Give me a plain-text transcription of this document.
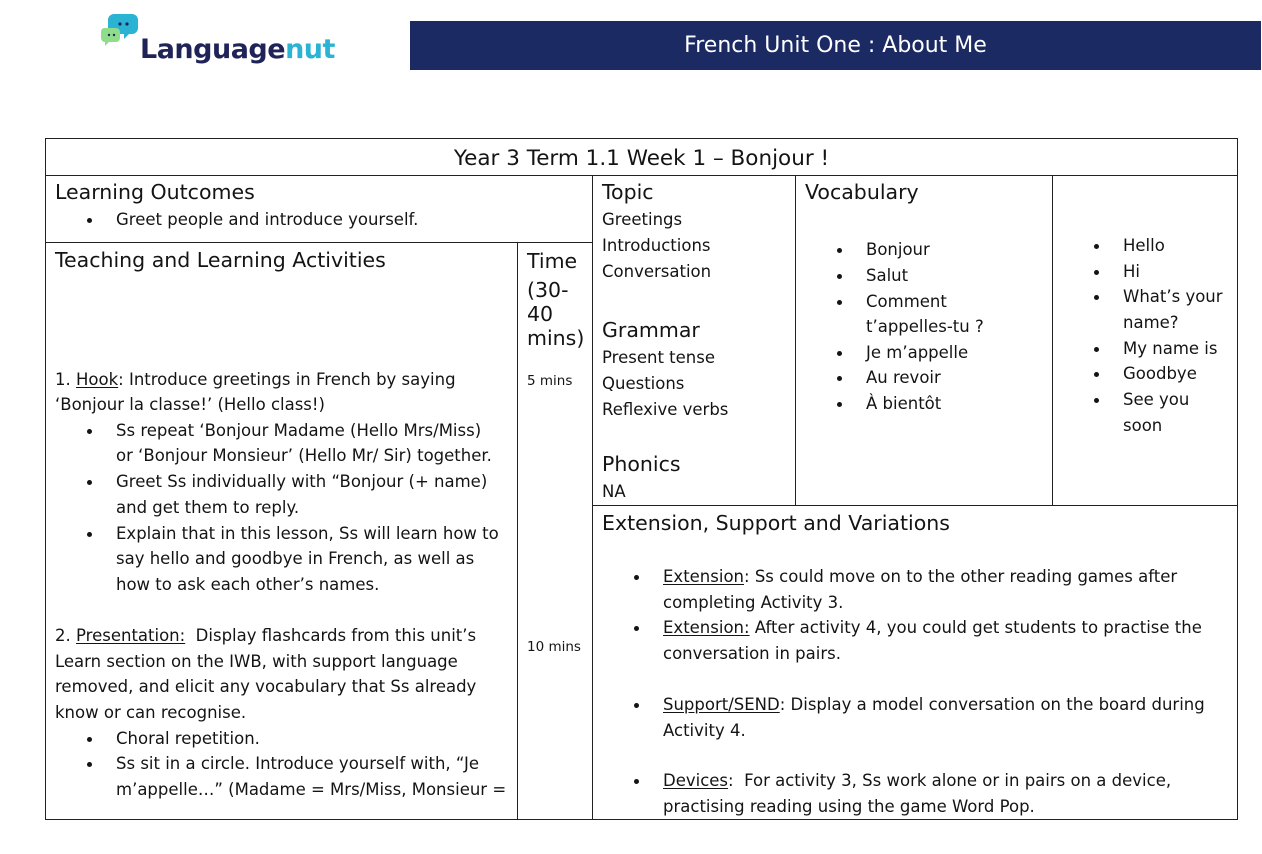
Languagenut	French Unit One : About Me
Year 3 Term 1.1 Week 1 – Bonjour !
Learning Outcomes
Greet people and introduce yourself.
Teaching and Learning Activities
1. Hook: Introduce greetings in French by saying
‘Bonjour la classe!’ (Hello class!)
Ss repeat ‘Bonjour Madame (Hello Mrs/Miss)
or ‘Bonjour Monsieur’ (Hello Mr/ Sir) together.
Greet Ss individually with “Bonjour (+ name)
and get them to reply.
Explain that in this lesson, Ss will learn how to
say hello and goodbye in French, as well as
how to ask each other’s names.
2. Presentation:  Display flashcards from this unit’s
Learn section on the IWB, with support language
removed, and elicit any vocabulary that Ss already
know or can recognise.
Choral repetition.
Ss sit in a circle. Introduce yourself with, “Je
m’appelle…” (Madame = Mrs/Miss, Monsieur =
Time
(30-
40
mins)
5 mins
10 mins
Topic
Greetings
Introductions
Conversation
Grammar
Present tense
Questions
Reflexive verbs
Phonics
NA
Vocabulary
Bonjour
Salut
Comment
t’appelles-tu ?
Je m’appelle
Au revoir
À bientôt
Hello
Hi
What’s your
name?
My name is
Goodbye
See you
soon
Extension, Support and Variations
Extension: Ss could move on to the other reading games after
completing Activity 3.
Extension: After activity 4, you could get students to practise the
conversation in pairs.
Support/SEND: Display a model conversation on the board during
Activity 4.
Devices:  For activity 3, Ss work alone or in pairs on a device,
practising reading using the game Word Pop.
